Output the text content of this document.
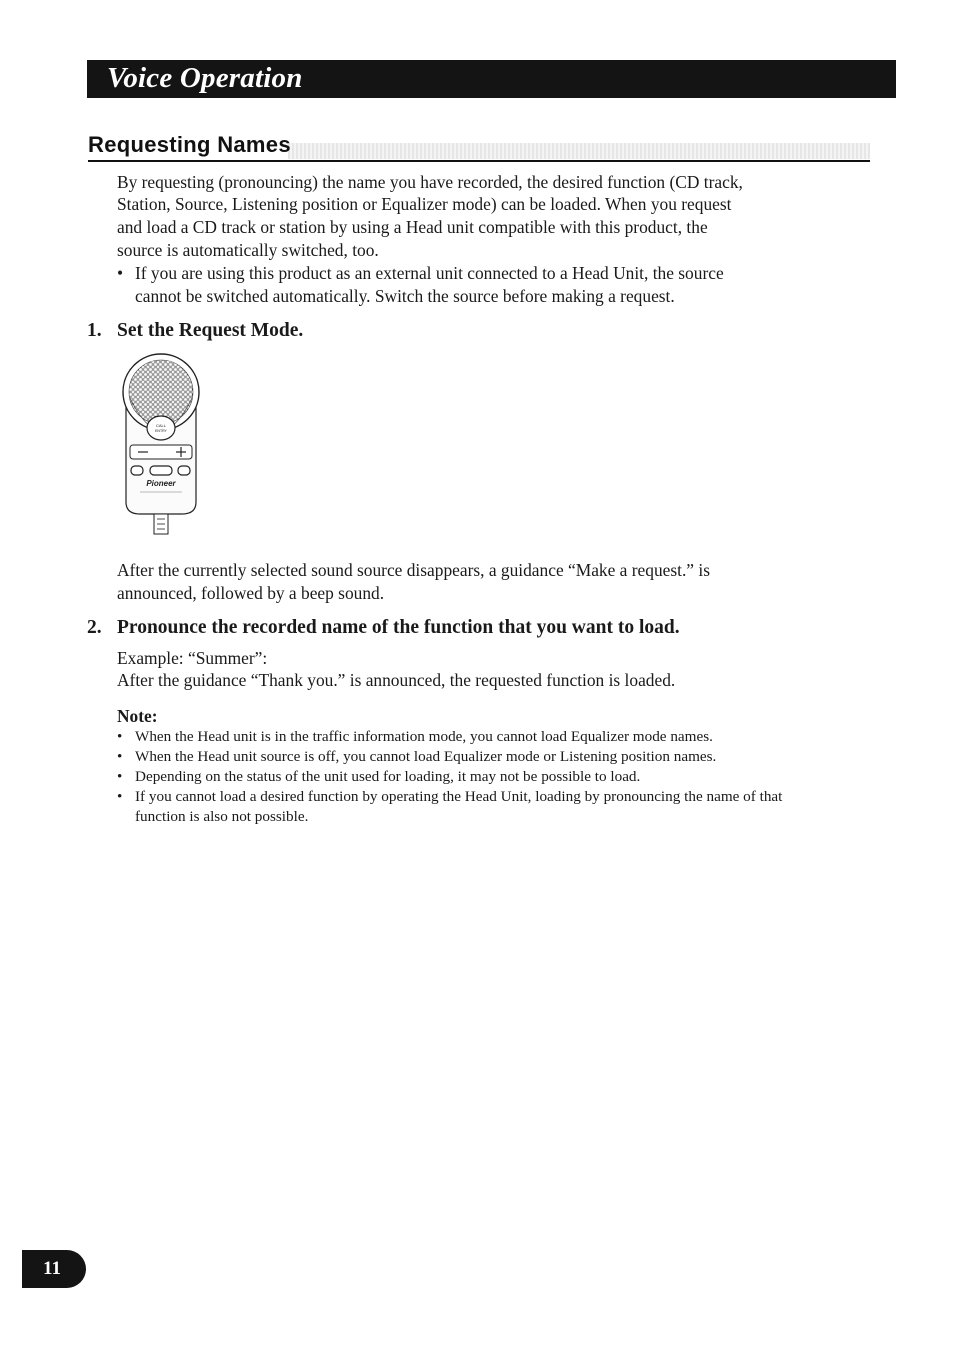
Voice Operation
Requesting Names
By requesting (pronouncing) the name you have recorded, the desired function (CD track,
Station, Source, Listening position or Equalizer mode) can be loaded. When you request
and load a CD track or station by using a Head unit compatible with this product, the
source is automatically switched, too.
• If you are using this product as an external unit connected to a Head Unit, the source
cannot be switched automatically. Switch the source before making a request.
1. Set the Request Mode.
CALL
ENTRY
Pioneer
After the currently selected sound source disappears, a guidance “Make a request.” is
announced, followed by a beep sound.
2. Pronounce the recorded name of the function that you want to load.
Example: “Summer”:
After the guidance “Thank you.” is announced, the requested function is loaded.
Note:
• When the Head unit is in the traffic information mode, you cannot load Equalizer mode names.
• When the Head unit source is off, you cannot load Equalizer mode or Listening position names.
• Depending on the status of the unit used for loading, it may not be possible to load.
• If you cannot load a desired function by operating the Head Unit, loading by pronouncing the name of that function is also not possible.
11
